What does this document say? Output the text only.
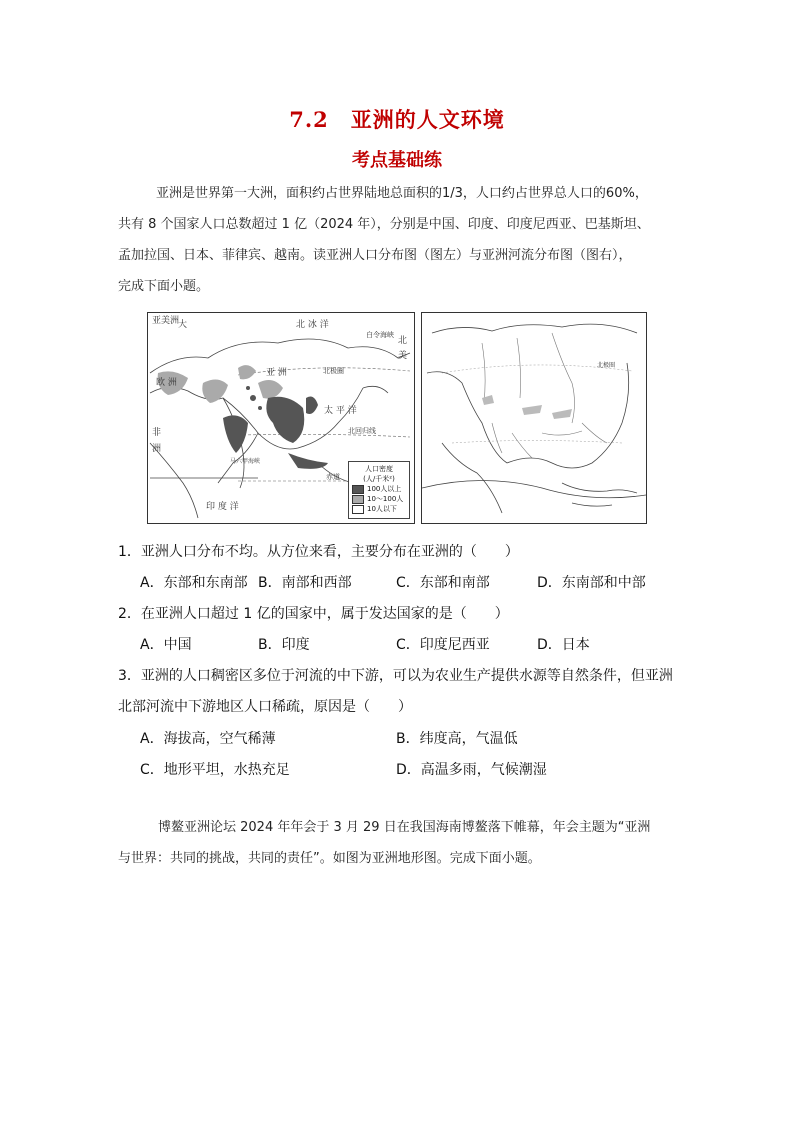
7.2 亚洲的人文环境
考点基础练
亚洲是世界第一大洲，面积约占世界陆地总面积的1/3，人口约占世界总人口的60%，
共有 8 个国家人口总数超过 1 亿（2024 年），分别是中国、印度、印度尼西亚、巴基斯坦、
孟加拉国、日本、菲律宾、越南。读亚洲人口分布图（图左）与亚洲河流分布图（图右），
完成下面小题。
亚美洲
大	北 冰 洋
白令海峡
北极圈
北
美
欧 洲
亚 洲
太 平 洋
北回归线
非
洲
马六甲海峡
赤道
印 度 洋
人口密度
(人/千米²)
100人以上
10～100人
10人以下
北极圈
1．亚洲人口分布不均。从方位来看，主要分布在亚洲的（　　）
A．东部和东南部 B．南部和西部	C．东部和南部	D．东南部和中部
2．在亚洲人口超过 1 亿的国家中，属于发达国家的是（　　）
A．中国	B．印度	C．印度尼西亚	D．日本
3．亚洲的人口稠密区多位于河流的中下游，可以为农业生产提供水源等自然条件，但亚洲
北部河流中下游地区人口稀疏，原因是（　　）
A．海拔高，空气稀薄	B．纬度高，气温低
C．地形平坦，水热充足	D．高温多雨，气候潮湿
博鳌亚洲论坛 2024 年年会于 3 月 29 日在我国海南博鳌落下帷幕，年会主题为“亚洲
与世界：共同的挑战，共同的责任”。如图为亚洲地形图。完成下面小题。
